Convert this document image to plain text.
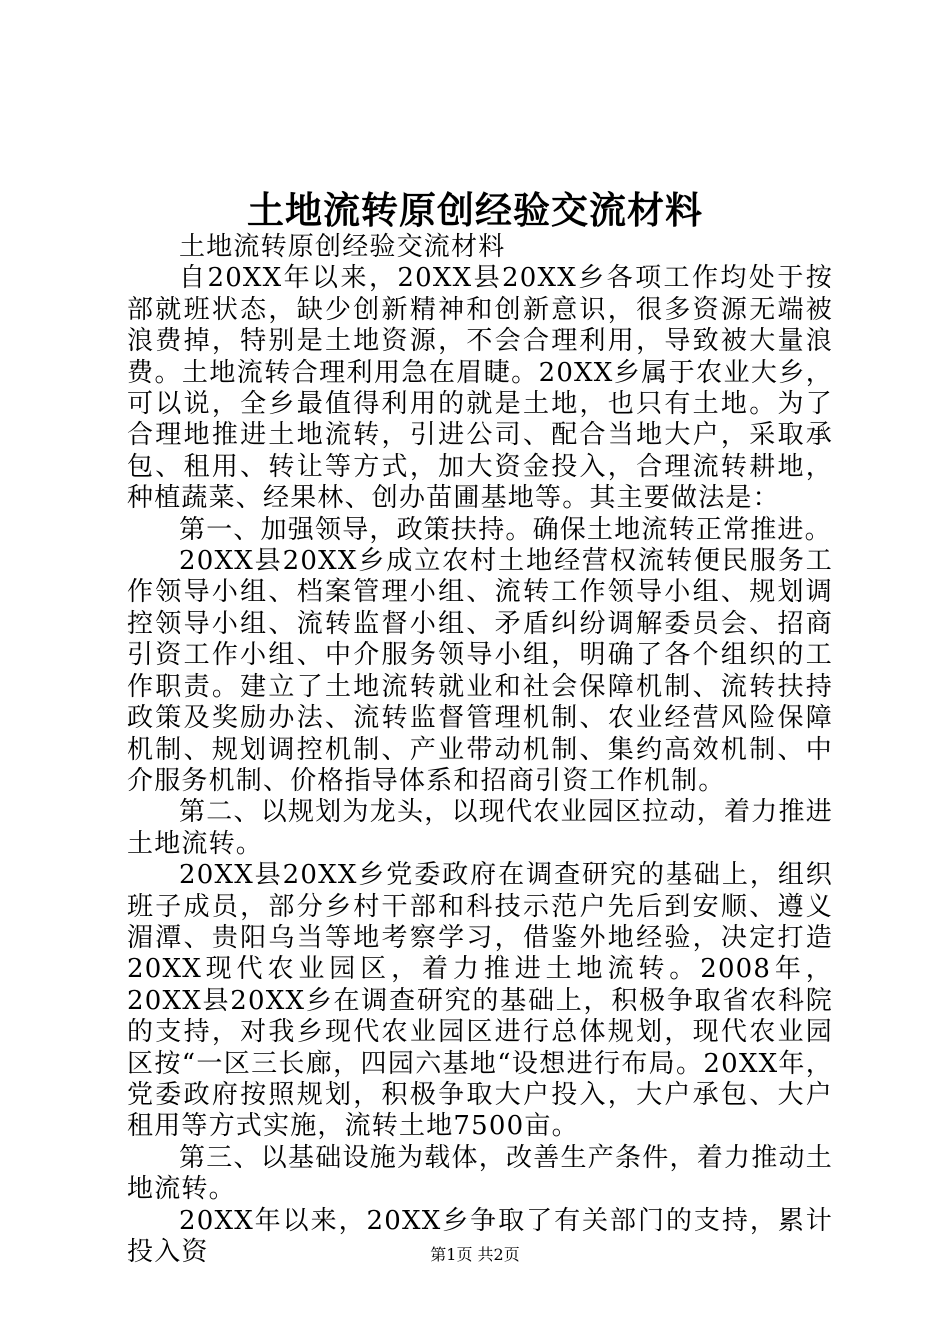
土地流转原创经验交流材料

土地流转原创经验交流材料

自20XX年以来，20XX县20XX乡各项工作均处于按部就班状态，缺少创新精神和创新意识，很多资源无端被浪费掉，特别是土地资源，不会合理利用，导致被大量浪费。土地流转合理利用急在眉睫。20XX乡属于农业大乡，可以说，全乡最值得利用的就是土地，也只有土地。为了合理地推进土地流转，引进公司、配合当地大户，采取承包、租用、转让等方式，加大资金投入，合理流转耕地，种植蔬菜、经果林、创办苗圃基地等。其主要做法是：

第一、加强领导，政策扶持。确保土地流转正常推进。

20XX县20XX乡成立农村土地经营权流转便民服务工作领导小组、档案管理小组、流转工作领导小组、规划调控领导小组、流转监督小组、矛盾纠纷调解委员会、招商引资工作小组、中介服务领导小组，明确了各个组织的工作职责。建立了土地流转就业和社会保障机制、流转扶持政策及奖励办法、流转监督管理机制、农业经营风险保障机制、规划调控机制、产业带动机制、集约高效机制、中介服务机制、价格指导体系和招商引资工作机制。

第二、以规划为龙头，以现代农业园区拉动，着力推进土地流转。

20XX县20XX乡党委政府在调查研究的基础上，组织班子成员，部分乡村干部和科技示范户先后到安顺、遵义湄潭、贵阳乌当等地考察学习，借鉴外地经验，决定打造20XX现代农业园区，着力推进土地流转。2008年，20XX县20XX乡在调查研究的基础上，积极争取省农科院的支持，对我乡现代农业园区进行总体规划，现代农业园区按“一区三长廊，四园六基地“设想进行布局。20XX年，党委政府按照规划，积极争取大户投入，大户承包、大户租用等方式实施，流转土地7500亩。

第三、以基础设施为载体，改善生产条件，着力推动土地流转。

20XX年以来，20XX乡争取了有关部门的支持，累计投入资	第1页 共2页
